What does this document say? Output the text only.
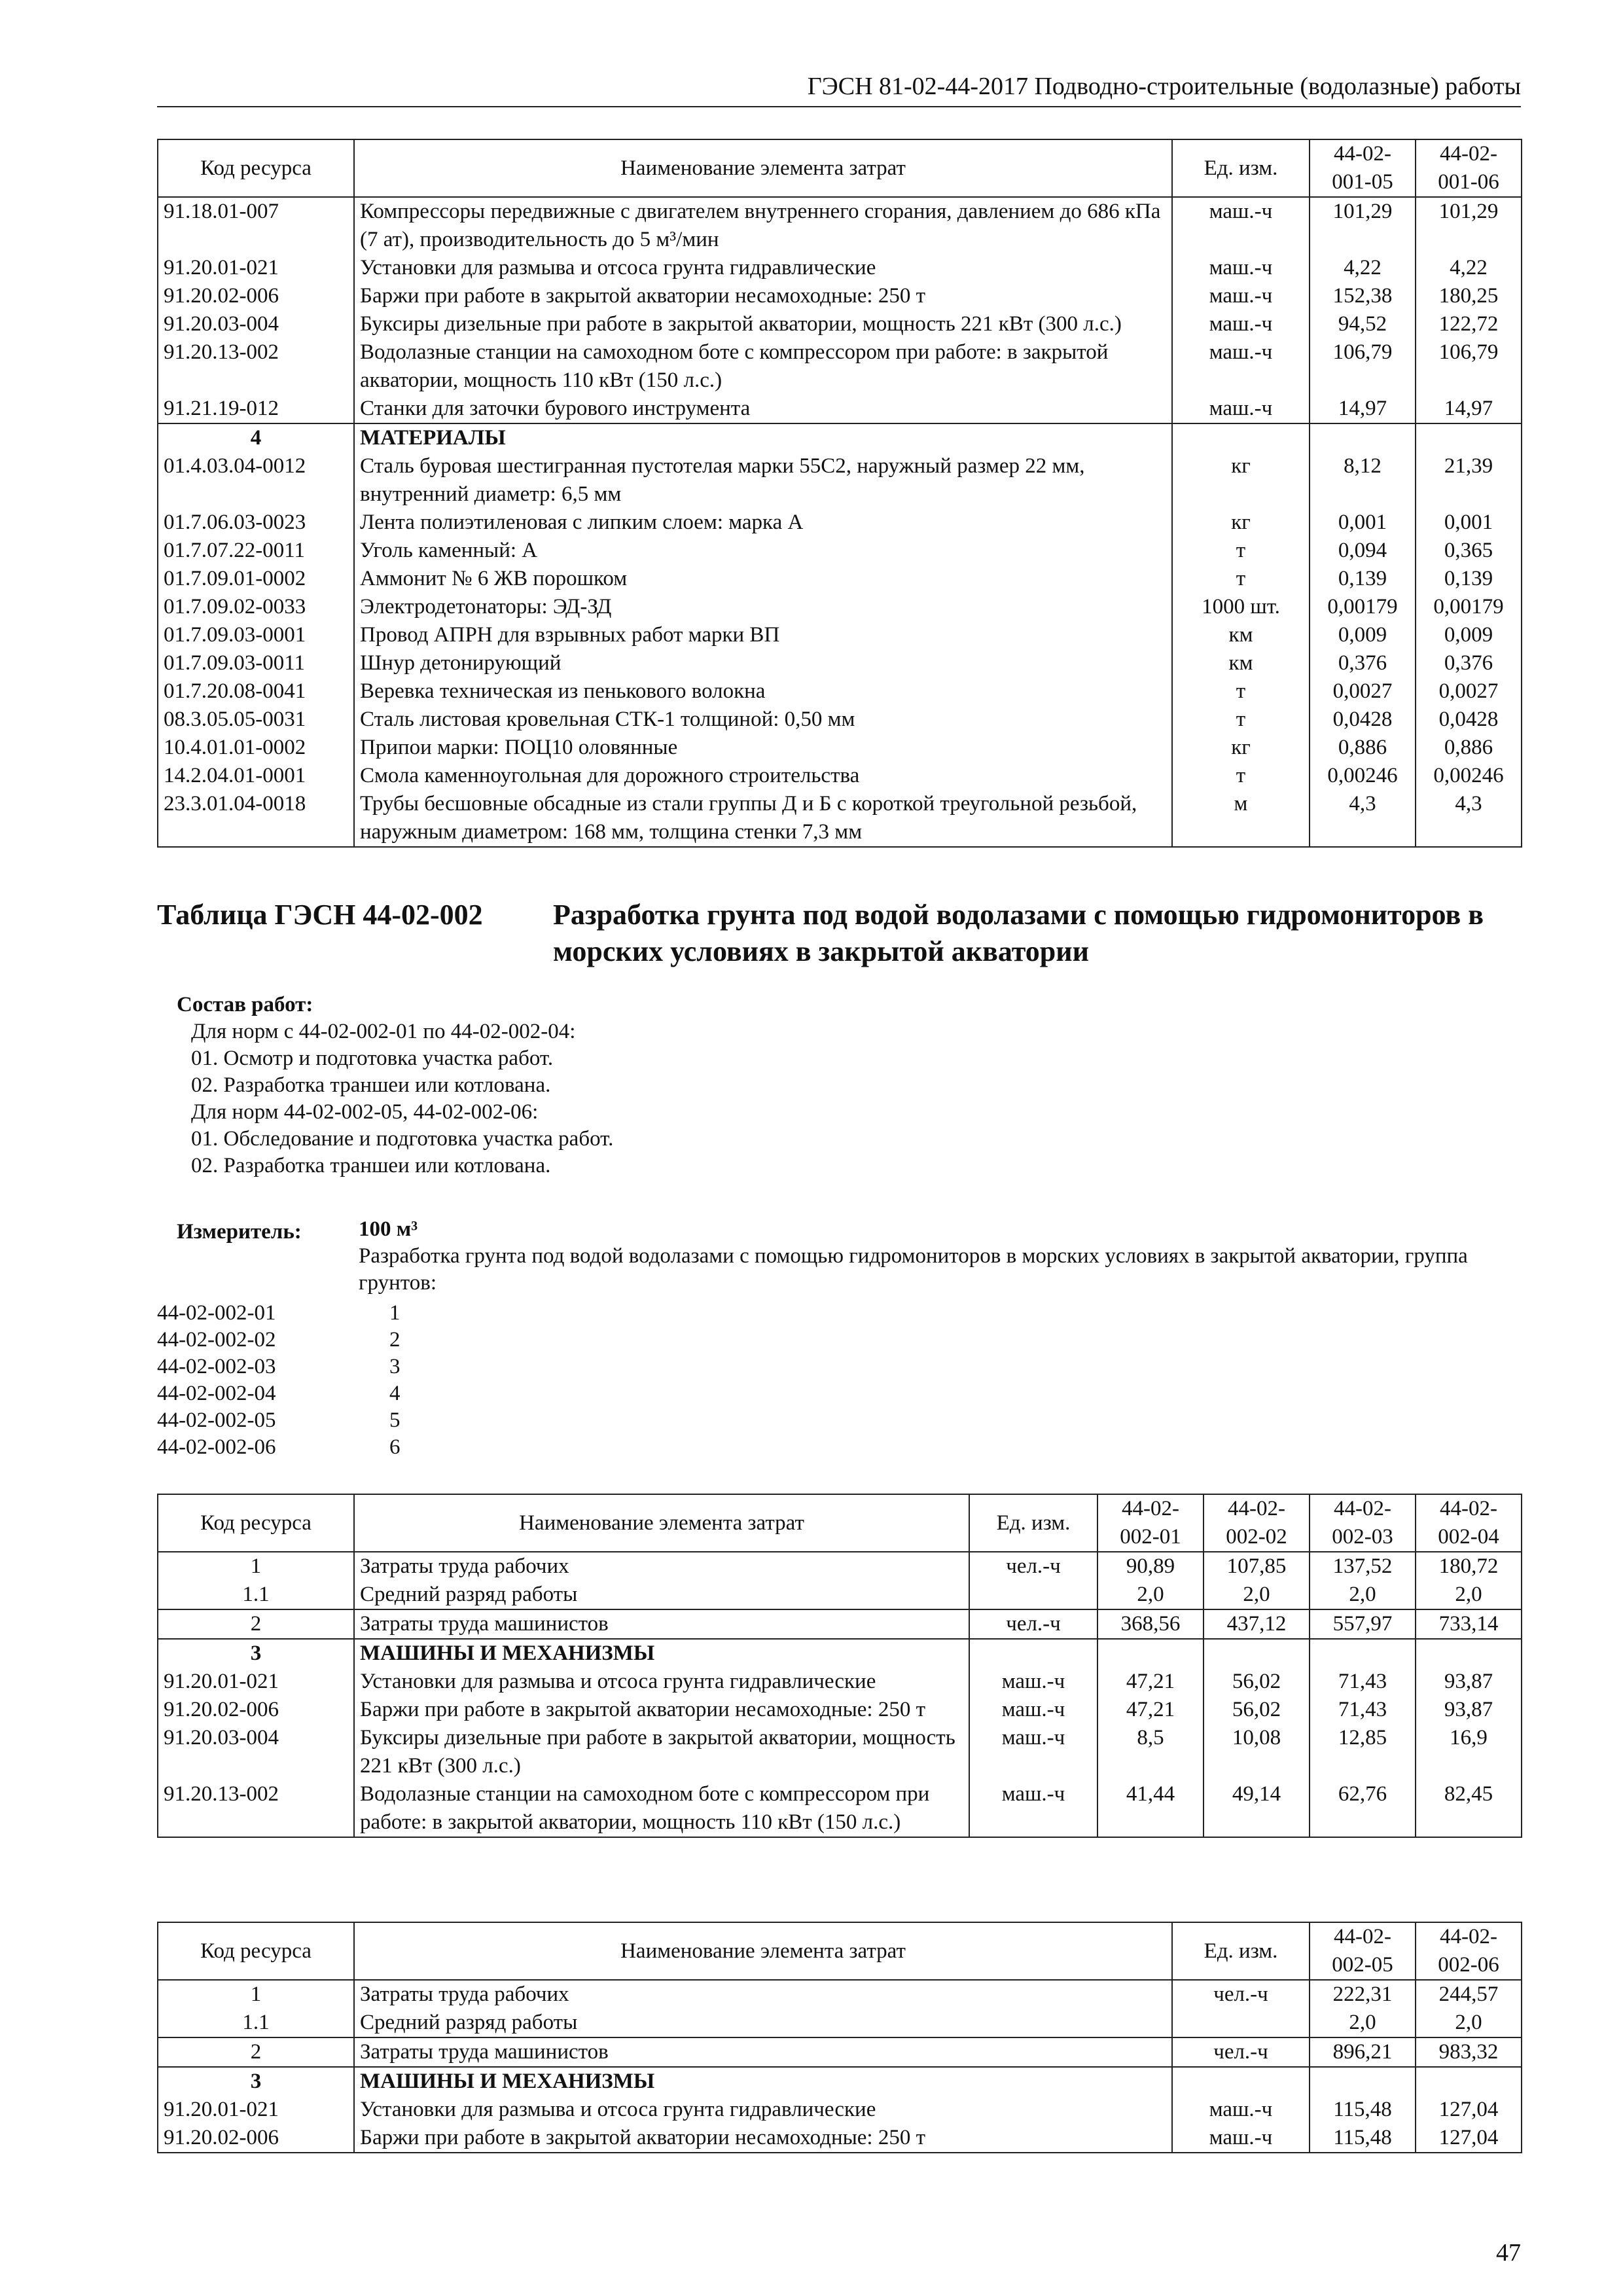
ГЭСН 81-02-44-2017 Подводно-строительные (водолазные) работы
Код ресурса	Наименование элемента затрат	Ед. изм.	44-02-001-05	44-02-001-06
91.18.01-007	Компрессоры передвижные с двигателем внутреннего сгорания, давлением до 686 кПа (7 ат), производительность до 5 м³/мин	маш.-ч	101,29	101,29
91.20.01-021	Установки для размыва и отсоса грунта гидравлические	маш.-ч	4,22	4,22
91.20.02-006	Баржи при работе в закрытой акватории несамоходные: 250 т	маш.-ч	152,38	180,25
91.20.03-004	Буксиры дизельные при работе в закрытой акватории, мощность 221 кВт (300 л.с.)	маш.-ч	94,52	122,72
91.20.13-002	Водолазные станции на самоходном боте с компрессором при работе: в закрытой акватории, мощность 110 кВт (150 л.с.)	маш.-ч	106,79	106,79
91.21.19-012	Станки для заточки бурового инструмента	маш.-ч	14,97	14,97
4	МАТЕРИАЛЫ			
01.4.03.04-0012	Сталь буровая шестигранная пустотелая марки 55С2, наружный размер 22 мм, внутренний диаметр: 6,5 мм	кг	8,12	21,39
01.7.06.03-0023	Лента полиэтиленовая с липким слоем: марка А	кг	0,001	0,001
01.7.07.22-0011	Уголь каменный: А	т	0,094	0,365
01.7.09.01-0002	Аммонит № 6 ЖВ порошком	т	0,139	0,139
01.7.09.02-0033	Электродетонаторы: ЭД-ЗД	1000 шт.	0,00179	0,00179
01.7.09.03-0001	Провод АПРН для взрывных работ марки ВП	км	0,009	0,009
01.7.09.03-0011	Шнур детонирующий	км	0,376	0,376
01.7.20.08-0041	Веревка техническая из пенькового волокна	т	0,0027	0,0027
08.3.05.05-0031	Сталь листовая кровельная СТК-1 толщиной: 0,50 мм	т	0,0428	0,0428
10.4.01.01-0002	Припои марки: ПОЦ10 оловянные	кг	0,886	0,886
14.2.04.01-0001	Смола каменноугольная для дорожного строительства	т	0,00246	0,00246
23.3.01.04-0018	Трубы бесшовные обсадные из стали группы Д и Б с короткой треугольной резьбой, наружным диаметром: 168 мм, толщина стенки 7,3 мм	м	4,3	4,3
Таблица ГЭСН 44-02-002 Разработка грунта под водой водолазами с помощью гидромониторов в морских условиях в закрытой акватории
Состав работ:
Для норм с 44-02-002-01 по 44-02-002-04:
01. Осмотр и подготовка участка работ.
02. Разработка траншеи или котлована.
Для норм 44-02-002-05, 44-02-002-06:
01. Обследование и подготовка участка работ.
02. Разработка траншеи или котлована.
Измеритель:	100 м³
Разработка грунта под водой водолазами с помощью гидромониторов в морских условиях в закрытой акватории, группа грунтов:
44-02-002-01	1
44-02-002-02	2
44-02-002-03	3
44-02-002-04	4
44-02-002-05	5
44-02-002-06	6
Код ресурса	Наименование элемента затрат	Ед. изм.	44-02-002-01	44-02-002-02	44-02-002-03	44-02-002-04
1	Затраты труда рабочих	чел.-ч	90,89	107,85	137,52	180,72
1.1	Средний разряд работы		2,0	2,0	2,0	2,0
2	Затраты труда машинистов	чел.-ч	368,56	437,12	557,97	733,14
3	МАШИНЫ И МЕХАНИЗМЫ					
91.20.01-021	Установки для размыва и отсоса грунта гидравлические	маш.-ч	47,21	56,02	71,43	93,87
91.20.02-006	Баржи при работе в закрытой акватории несамоходные: 250 т	маш.-ч	47,21	56,02	71,43	93,87
91.20.03-004	Буксиры дизельные при работе в закрытой акватории, мощность 221 кВт (300 л.с.)	маш.-ч	8,5	10,08	12,85	16,9
91.20.13-002	Водолазные станции на самоходном боте с компрессором при работе: в закрытой акватории, мощность 110 кВт (150 л.с.)	маш.-ч	41,44	49,14	62,76	82,45
Код ресурса	Наименование элемента затрат	Ед. изм.	44-02-002-05	44-02-002-06
1	Затраты труда рабочих	чел.-ч	222,31	244,57
1.1	Средний разряд работы		2,0	2,0
2	Затраты труда машинистов	чел.-ч	896,21	983,32
3	МАШИНЫ И МЕХАНИЗМЫ			
91.20.01-021	Установки для размыва и отсоса грунта гидравлические	маш.-ч	115,48	127,04
91.20.02-006	Баржи при работе в закрытой акватории несамоходные: 250 т	маш.-ч	115,48	127,04
47
